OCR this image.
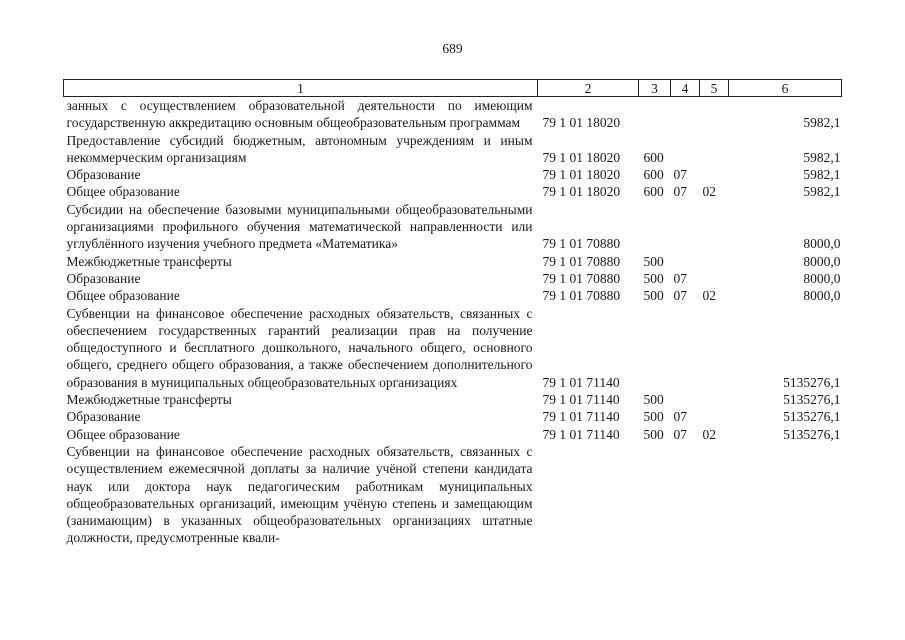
689
1	2	3	4	5	6
занных с осуществлением образовательной деятельности по имеющим государственную аккредитацию основным общеобразовательным программам	79 1 01 18020				5982,1
Предоставление субсидий бюджетным, автономным учреждениям и иным некоммерческим организациям	79 1 01 18020	600			5982,1
Образование	79 1 01 18020	600	07		5982,1
Общее образование	79 1 01 18020	600	07	02	5982,1
Субсидии на обеспечение базовыми муниципальными общеобразовательными организациями профильного обучения математической направленности или углублённого изучения учебного предмета «Математика»	79 1 01 70880				8000,0
Межбюджетные трансферты	79 1 01 70880	500			8000,0
Образование	79 1 01 70880	500	07		8000,0
Общее образование	79 1 01 70880	500	07	02	8000,0
Субвенции на финансовое обеспечение расходных обязательств, связанных с обеспечением государственных гарантий реализации прав на получение общедоступного и бесплатного дошкольного, начального общего, основного общего, среднего общего образования, а также обеспечением дополнительного образования в муниципальных общеобразовательных организациях	79 1 01 71140				5135276,1
Межбюджетные трансферты	79 1 01 71140	500			5135276,1
Образование	79 1 01 71140	500	07		5135276,1
Общее образование	79 1 01 71140	500	07	02	5135276,1
Субвенции на финансовое обеспечение расходных обязательств, связанных с осуществлением ежемесячной доплаты за наличие учёной степени кандидата наук или доктора наук педагогическим работникам муниципальных общеобразовательных организаций, имеющим учёную степень и замещающим (занимающим) в указанных общеобразовательных организациях штатные должности, предусмотренные квали-					
